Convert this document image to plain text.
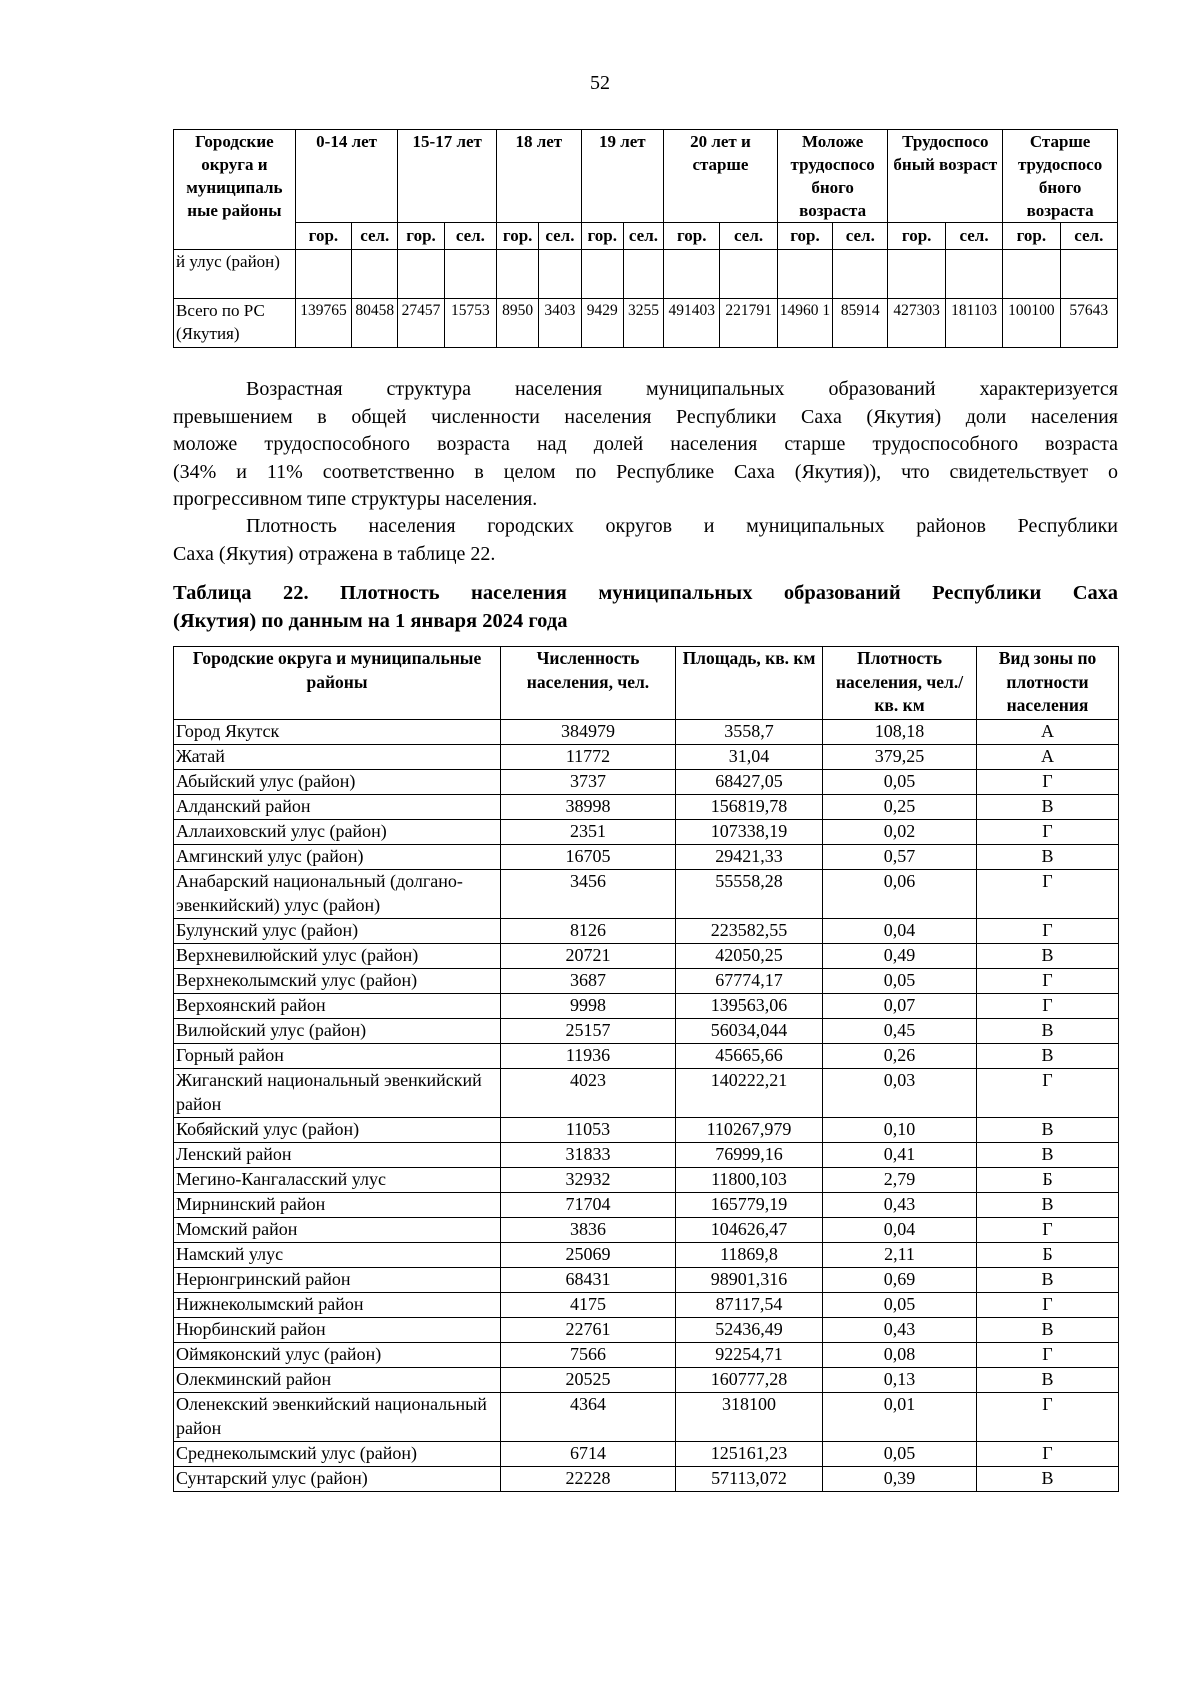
52
Городские округа и муниципаль ные районы	0-14 лет		15-17 лет		18 лет		19 лет		20 лет и старше		Моложе трудоспосо бного возраста		Трудоспосо бный возраст		Старше трудоспосо бного возраста	
	гор.	сел.	гор.	сел.	гор.	сел.	гор.	сел.	гор.	сел.	гор.	сел.	гор.	сел.	гор.	сел.
й улус (район)																
Всего по РС (Якутия)	139765	80458	27457	15753	8950	3403	9429	3255	491403	221791	14960 1	85914	427303	181103	100100	57643
Возрастная структура населения муниципальных образований характеризуется
превышением в общей численности населения Республики Саха (Якутия) доли населения
моложе трудоспособного возраста над долей населения старше трудоспособного возраста
(34% и 11% соответственно в целом по Республике Саха (Якутия)), что свидетельствует о
прогрессивном типе структуры населения.
Плотность населения городских округов и муниципальных районов Республики
Саха (Якутия) отражена в таблице 22.
Таблица 22. Плотность населения муниципальных образований Республики Саха
(Якутия) по данным на 1 января 2024 года
Городские округа и муниципальные районы	Численность населения, чел.	Площадь, кв. км	Плотность населения, чел./кв. км	Вид зоны по плотности населения
Город Якутск	384979	3558,7	108,18	А
Жатай	11772	31,04	379,25	А
Абыйский улус (район)	3737	68427,05	0,05	Г
Алданский район	38998	156819,78	0,25	В
Аллаиховский улус (район)	2351	107338,19	0,02	Г
Амгинский улус (район)	16705	29421,33	0,57	В
Анабарский национальный (долгано-эвенкийский) улус (район)	3456	55558,28	0,06	Г
Булунский улус (район)	8126	223582,55	0,04	Г
Верхневилюйский улус (район)	20721	42050,25	0,49	В
Верхнеколымский улус (район)	3687	67774,17	0,05	Г
Верхоянский район	9998	139563,06	0,07	Г
Вилюйский улус (район)	25157	56034,044	0,45	В
Горный район	11936	45665,66	0,26	В
Жиганский национальный эвенкийский район	4023	140222,21	0,03	Г
Кобяйский улус (район)	11053	110267,979	0,10	В
Ленский район	31833	76999,16	0,41	В
Мегино-Кангаласский улус	32932	11800,103	2,79	Б
Мирнинский район	71704	165779,19	0,43	В
Момский район	3836	104626,47	0,04	Г
Намский улус	25069	11869,8	2,11	Б
Нерюнгринский район	68431	98901,316	0,69	В
Нижнеколымский район	4175	87117,54	0,05	Г
Нюрбинский район	22761	52436,49	0,43	В
Оймяконский улус (район)	7566	92254,71	0,08	Г
Олекминский район	20525	160777,28	0,13	В
Оленекский эвенкийский национальный район	4364	318100	0,01	Г
Среднеколымский улус (район)	6714	125161,23	0,05	Г
Сунтарский улус (район)	22228	57113,072	0,39	В
